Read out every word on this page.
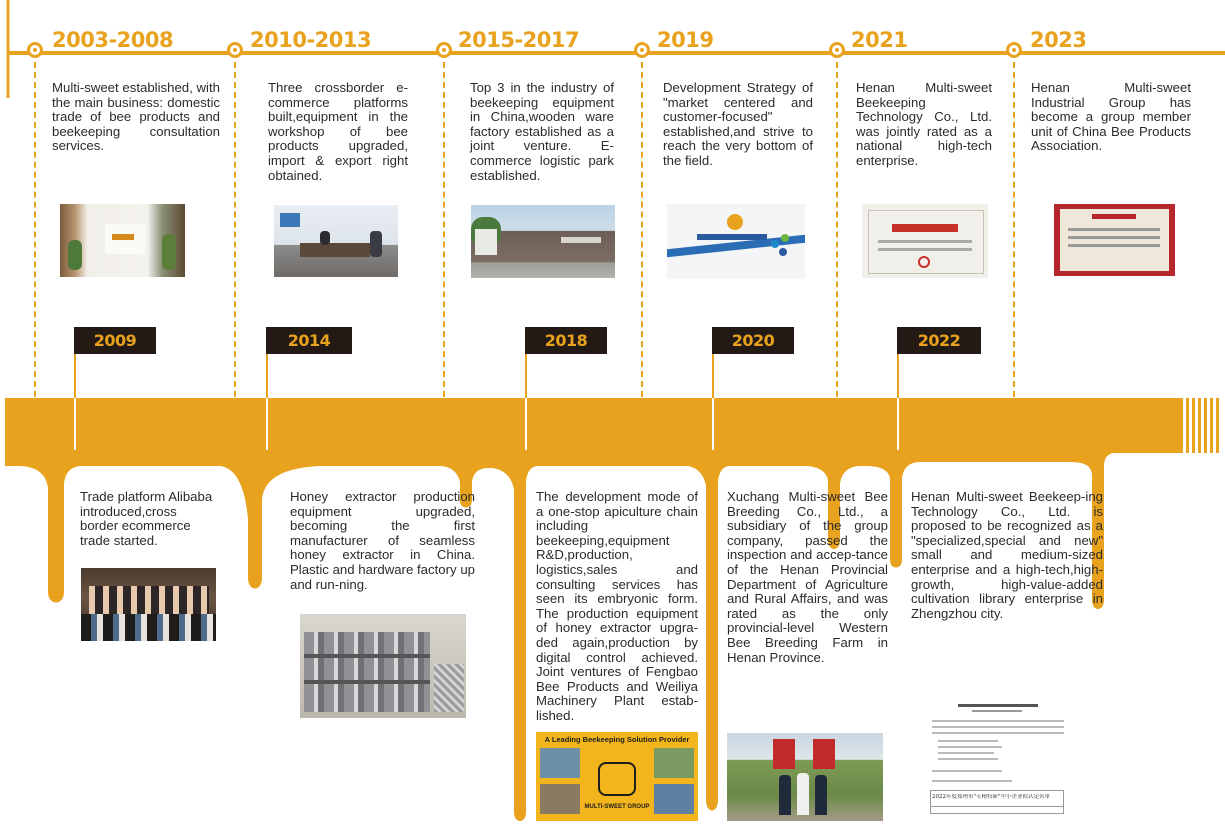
2003-2008	2010-2013	2015-2017	2019	2021	2023
Multi-sweet established, with the main business: domestic trade of bee products and beekeeping consultation services.
Three crossborder e-commerce platforms built,equipment in the workshop of bee products upgraded, import & export right obtained.
Top 3 in the industry of beekeeping equipment in China,wooden ware factory established as a joint venture. E-commerce logistic park established.
Development Strategy of "market centered and customer-focused" established,and strive to reach the very bottom of the field.
Henan Multi-sweet Beekeeping Technology Co., Ltd. was jointly rated as a national high-tech enterprise.
Henan Multi-sweet Industrial Group has become a group member unit of China Bee Products Association.
2009	2014	2018	2020	2022
Trade platform Alibaba introduced,cross border ecommerce trade started.
Honey extractor production equipment upgraded, becoming the first manufacturer of seamless honey extractor in China. Plastic and hardware factory up and run-ning.
The development mode of a one-stop apiculture chain including beekeeping,equipment R&D,production, logistics,sales and consulting services has seen its embryonic form. The production equipment of honey extractor upgra-ded again,production by digital control achieved. Joint ventures of Fengbao Bee Products and Weiliya Machinery Plant estab-lished.
Xuchang Multi-sweet Bee Breeding Co., Ltd., a subsidiary of the group company, passed the inspection and accep-tance of the Henan Provincial Department of Agriculture and Rural Affairs, and was rated as the only provincial-level Western Bee Breeding Farm in Henan Province.
Henan Multi-sweet Beekeep-ing Technology Co., Ltd. is proposed to be recognized as a "specialized,special and new" small and medium-sized enterprise and a high-tech,high-growth, high-value-added cultivation library enterprise in Zhengzhou city.
A Leading Beekeeping Solution Provider
MULTI-SWEET GROUP
2022年度郑州市"专精特新"中小企业拟认定名单
